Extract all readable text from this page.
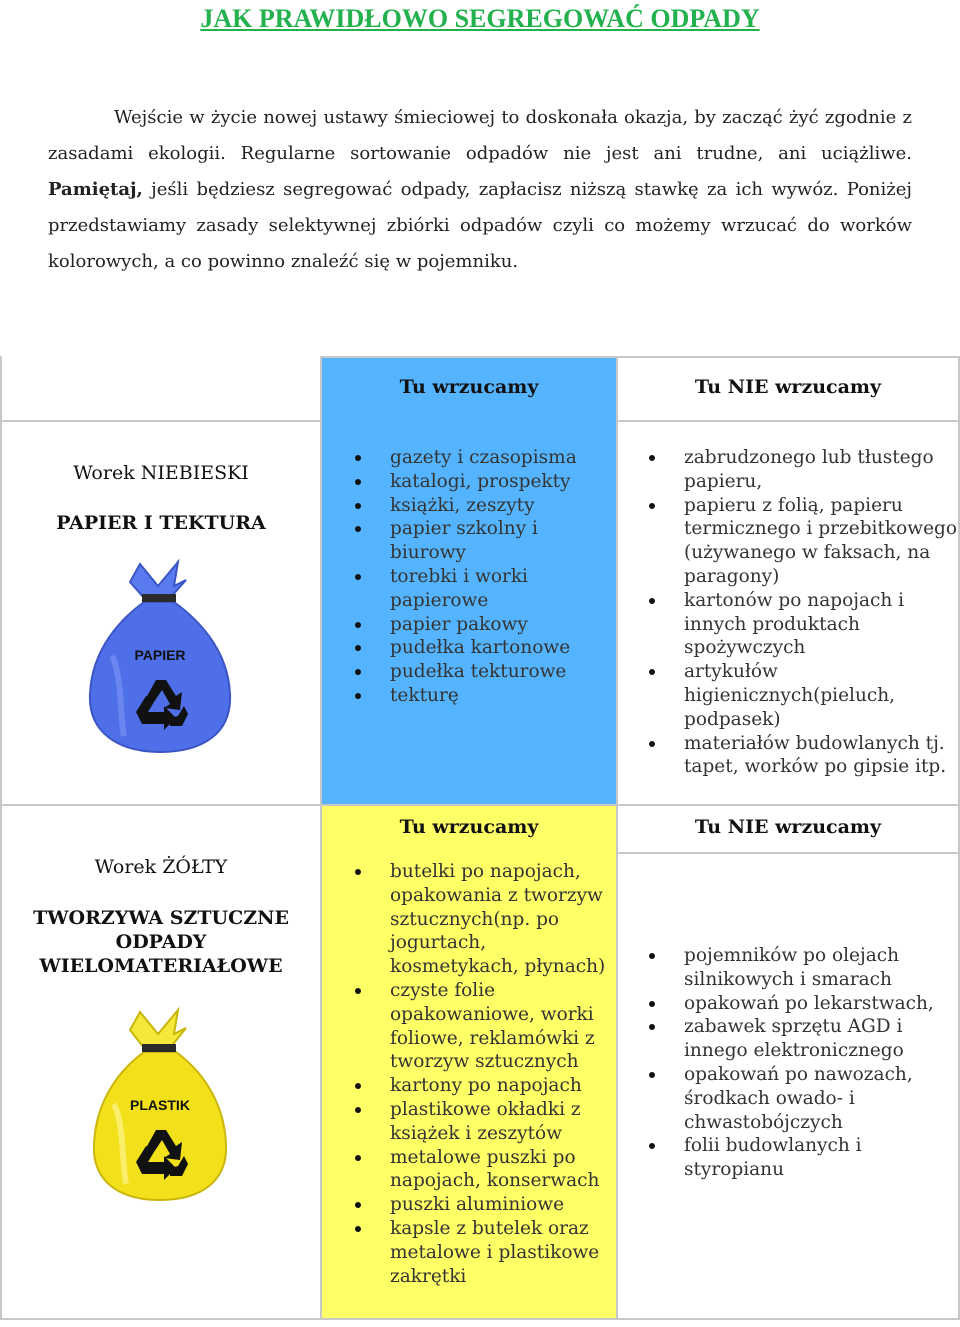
JAK PRAWIDŁOWO SEGREGOWAĆ ODPADY

Wejście w życie nowej ustawy śmieciowej to doskonała okazja, by zacząć żyć zgodnie z zasadami ekologii. Regularne sortowanie odpadów nie jest ani trudne, ani uciążliwe. Pamiętaj, jeśli będziesz segregować odpady, zapłacisz niższą stawkę za ich wywóz. Poniżej przedstawiamy zasady selektywnej zbiórki odpadów czyli co możemy wrzucać do worków kolorowych, a co powinno znaleźć się w pojemniku.

Tu wrzucamy	Tu NIE wrzucamy
Worek NIEBIESKI
PAPIER I TEKTURA
PAPIER
gazety i czasopisma
katalogi, prospekty
książki, zeszyty
papier szkolny i biurowy
torebki i worki papierowe
papier pakowy
pudełka kartonowe
pudełka tekturowe
tekturę
zabrudzonego lub tłustego papieru,
papieru z folią, papieru termicznego i przebitkowego (używanego w faksach, na paragony)
kartonów po napojach i innych produktach spożywczych
artykułów higienicznych(pieluch, podpasek)
materiałów budowlanych tj. tapet, worków po gipsie itp.
Tu wrzucamy	Tu NIE wrzucamy
Worek ŻÓŁTY
TWORZYWA SZTUCZNE ODPADY WIELOMATERIAŁOWE
PLASTIK
butelki po napojach, opakowania z tworzyw sztucznych(np. po jogurtach, kosmetykach, płynach)
czyste folie opakowaniowe, worki foliowe, reklamówki z tworzyw sztucznych
kartony po napojach
plastikowe okładki z książek i zeszytów
metalowe puszki po napojach, konserwach
puszki aluminiowe
kapsle z butelek oraz metalowe i plastikowe zakrętki
pojemników po olejach silnikowych i smarach
opakowań po lekarstwach,
zabawek sprzętu AGD i innego elektronicznego
opakowań po nawozach, środkach owado- i chwastobójczych
folii budowlanych i styropianu
